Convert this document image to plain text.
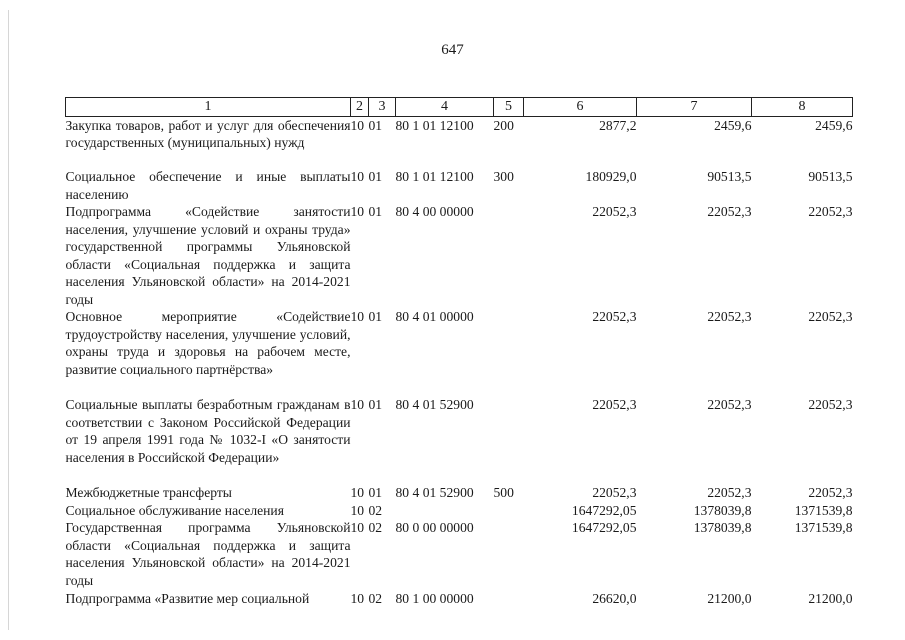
647
1	2	3	4	5	6	7	8
Закупка товаров, работ и услуг для обеспечения государственных (муниципальных) нужд	10	01	80 1 01 12100	200	2877,2	2459,6	2459,6
Социальное обеспечение и иные выплаты населению	10	01	80 1 01 12100	300	180929,0	90513,5	90513,5
Подпрограмма «Содействие занятости населения, улучшение условий и охраны труда» государственной программы Ульяновской области «Социальная поддержка и защита населения Ульяновской области» на 2014-2021 годы	10	01	80 4 00 00000		22052,3	22052,3	22052,3
Основное мероприятие «Содействие трудоустройству населения, улучшение условий, охраны труда и здоровья на рабочем месте, развитие социального партнёрства»	10	01	80 4 01 00000		22052,3	22052,3	22052,3
Социальные выплаты безработным гражданам в соответствии с Законом Российской Федерации от 19 апреля 1991 года № 1032-I «О занятости населения в Российской Федерации»	10	01	80 4 01 52900		22052,3	22052,3	22052,3
Межбюджетные трансферты	10	01	80 4 01 52900	500	22052,3	22052,3	22052,3
Социальное обслуживание населения	10	02			1647292,05	1378039,8	1371539,8
Государственная программа Ульяновской области «Социальная поддержка и защита населения Ульяновской области» на 2014-2021 годы	10	02	80 0 00 00000		1647292,05	1378039,8	1371539,8
Подпрограмма «Развитие мер социальной	10	02	80 1 00 00000		26620,0	21200,0	21200,0
